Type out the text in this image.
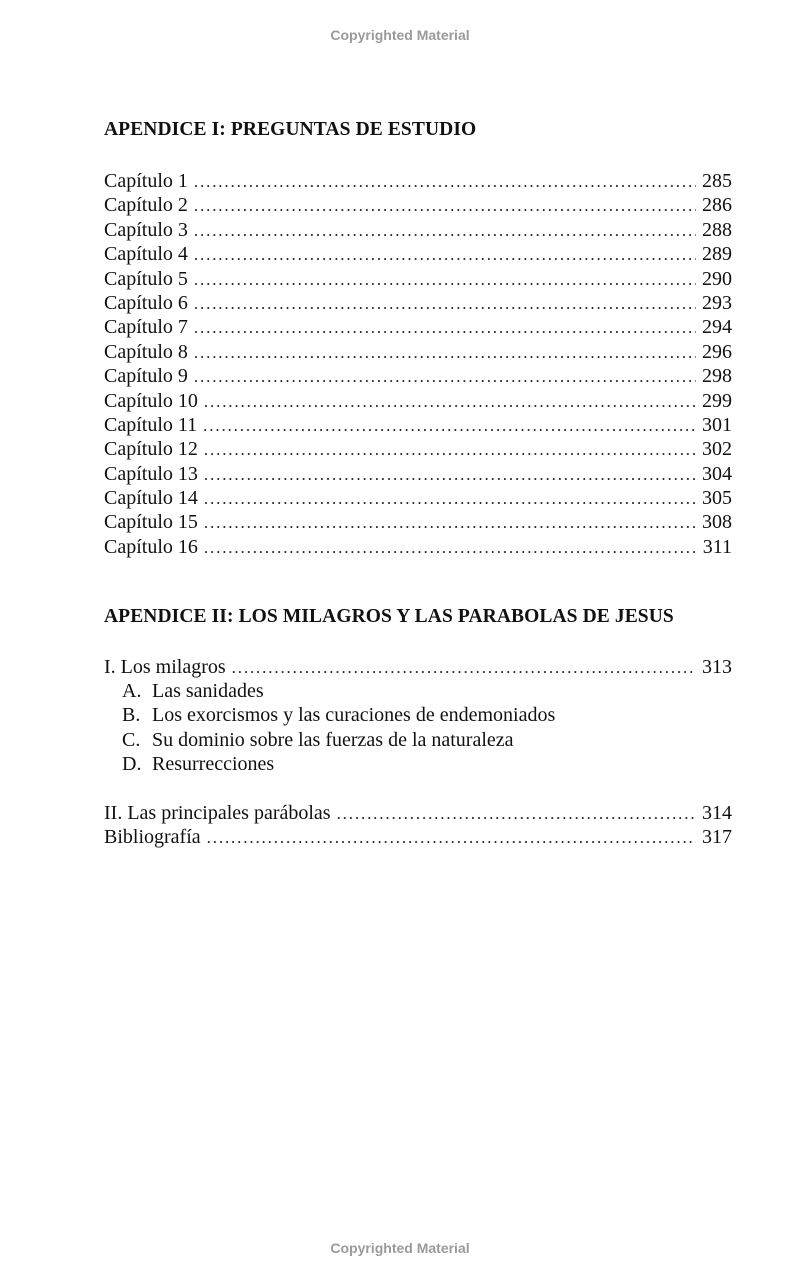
Copyrighted Material
APENDICE I: PREGUNTAS DE ESTUDIO
Capítulo 1 . . .	285
Capítulo 2 . . .	286
Capítulo 3 . . .	288
Capítulo 4 . . .	289
Capítulo 5 . . .	290
Capítulo 6 . . .	293
Capítulo 7 . . .	294
Capítulo 8 . . .	296
Capítulo 9 . . .	298
Capítulo 10 . . .	299
Capítulo 11 . . .	301
Capítulo 12 . . .	302
Capítulo 13 . . .	304
Capítulo 14 . . .	305
Capítulo 15 . . .	308
Capítulo 16 . . .	311
APENDICE II: LOS MILAGROS Y LAS PARABOLAS DE JESUS
I. Los milagros . . .	313
A. Las sanidades
B. Los exorcismos y las curaciones de endemoniados
C. Su dominio sobre las fuerzas de la naturaleza
D. Resurrecciones
II. Las principales parábolas . . .	314
Bibliografía . . .	317
Copyrighted Material
